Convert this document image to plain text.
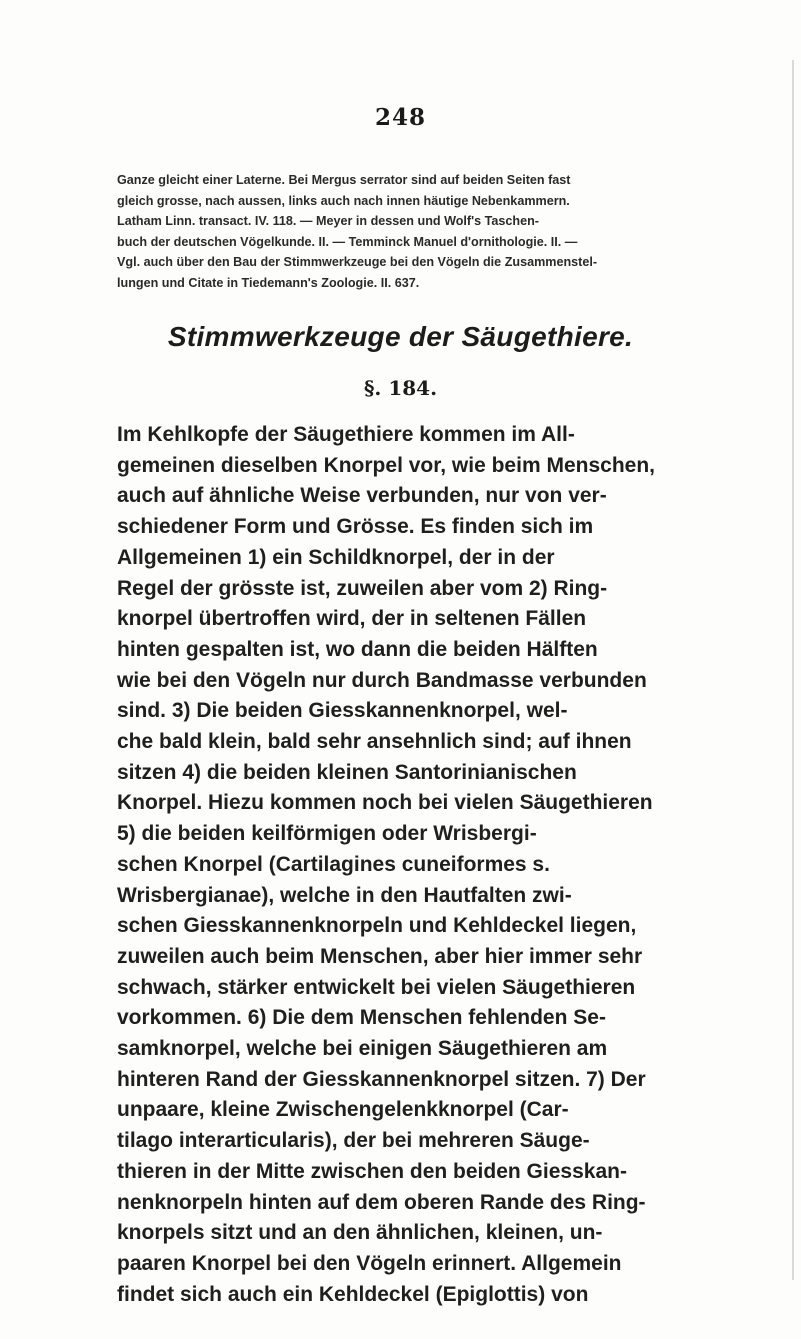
248
Ganze gleicht einer Laterne. Bei Mergus serrator sind auf beiden Seiten fast
gleich grosse, nach aussen, links auch nach innen häutige Nebenkammern.
Latham Linn. transact. IV. 118. — Meyer in dessen und Wolf's Taschen-
buch der deutschen Vögelkunde. II. — Temminck Manuel d'ornithologie. II. —
Vgl. auch über den Bau der Stimmwerkzeuge bei den Vögeln die Zusammenstel-
lungen und Citate in Tiedemann's Zoologie. II. 637.
Stimmwerkzeuge der Säugethiere.
§. 184.
Im Kehlkopfe der Säugethiere kommen im All-
gemeinen dieselben Knorpel vor, wie beim Menschen,
auch auf ähnliche Weise verbunden, nur von ver-
schiedener Form und Grösse. Es finden sich im
Allgemeinen 1) ein Schildknorpel, der in der
Regel der grösste ist, zuweilen aber vom 2) Ring-
knorpel übertroffen wird, der in seltenen Fällen
hinten gespalten ist, wo dann die beiden Hälften
wie bei den Vögeln nur durch Bandmasse verbunden
sind. 3) Die beiden Giesskannenknorpel, wel-
che bald klein, bald sehr ansehnlich sind; auf ihnen
sitzen 4) die beiden kleinen Santorinianischen
Knorpel. Hiezu kommen noch bei vielen Säugethieren
5) die beiden keilförmigen oder Wrisbergi-
schen Knorpel (Cartilagines cuneiformes s.
Wrisbergianae), welche in den Hautfalten zwi-
schen Giesskannenknorpeln und Kehldeckel liegen,
zuweilen auch beim Menschen, aber hier immer sehr
schwach, stärker entwickelt bei vielen Säugethieren
vorkommen. 6) Die dem Menschen fehlenden Se-
samknorpel, welche bei einigen Säugethieren am
hinteren Rand der Giesskannenknorpel sitzen. 7) Der
unpaare, kleine Zwischengelenkknorpel (Car-
tilago interarticularis), der bei mehreren Säuge-
thieren in der Mitte zwischen den beiden Giesskan-
nenknorpeln hinten auf dem oberen Rande des Ring-
knorpels sitzt und an den ähnlichen, kleinen, un-
paaren Knorpel bei den Vögeln erinnert. Allgemein
findet sich auch ein Kehldeckel (Epiglottis) von
